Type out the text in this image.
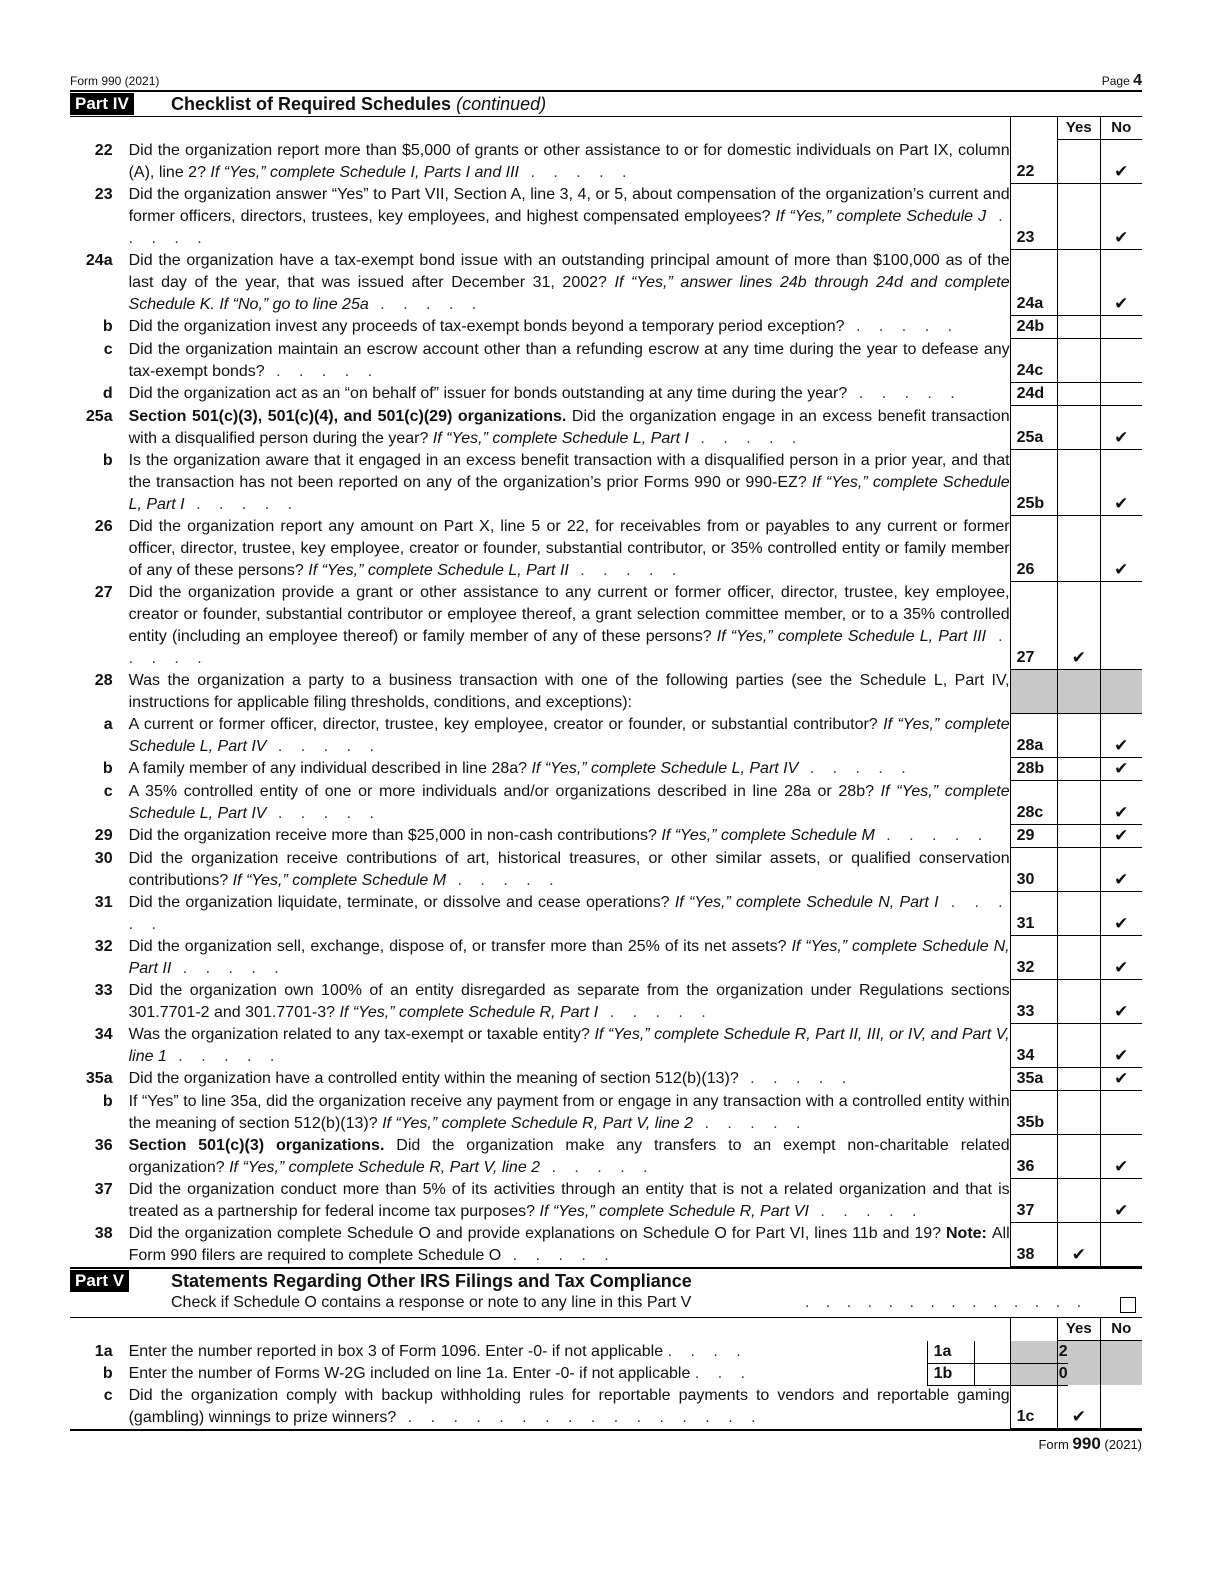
Form 990 (2021)	Page 4
Part IV Checklist of Required Schedules (continued)
			Yes	No
22	Did the organization report more than $5,000 of grants or other assistance to or for domestic individuals on Part IX, column (A), line 2? If “Yes,” complete Schedule I, Parts I and III . . . . .	22		✔
23	Did the organization answer “Yes” to Part VII, Section A, line 3, 4, or 5, about compensation of the organization’s current and former officers, directors, trustees, key employees, and highest compensated employees? If “Yes,” complete Schedule J . . . . .	23		✔
24a	Did the organization have a tax-exempt bond issue with an outstanding principal amount of more than $100,000 as of the last day of the year, that was issued after December 31, 2002? If “Yes,” answer lines 24b through 24d and complete Schedule K. If “No,” go to line 25a . . . . .	24a		✔
b	Did the organization invest any proceeds of tax-exempt bonds beyond a temporary period exception? . . . . .	24b		
c	Did the organization maintain an escrow account other than a refunding escrow at any time during the year to defease any tax-exempt bonds? . . . . .	24c		
d	Did the organization act as an “on behalf of” issuer for bonds outstanding at any time during the year? . . . . .	24d		
25a	Section 501(c)(3), 501(c)(4), and 501(c)(29) organizations. Did the organization engage in an excess benefit transaction with a disqualified person during the year? If “Yes,” complete Schedule L, Part I . . . . .	25a		✔
b	Is the organization aware that it engaged in an excess benefit transaction with a disqualified person in a prior year, and that the transaction has not been reported on any of the organization’s prior Forms 990 or 990-EZ? If “Yes,” complete Schedule L, Part I . . . . .	25b		✔
26	Did the organization report any amount on Part X, line 5 or 22, for receivables from or payables to any current or former officer, director, trustee, key employee, creator or founder, substantial contributor, or 35% controlled entity or family member of any of these persons? If “Yes,” complete Schedule L, Part II . . . . .	26		✔
27	Did the organization provide a grant or other assistance to any current or former officer, director, trustee, key employee, creator or founder, substantial contributor or employee thereof, a grant selection committee member, or to a 35% controlled entity (including an employee thereof) or family member of any of these persons? If “Yes,” complete Schedule L, Part III . . . . .	27	✔	
28	Was the organization a party to a business transaction with one of the following parties (see the Schedule L, Part IV, instructions for applicable filing thresholds, conditions, and exceptions):			
a	A current or former officer, director, trustee, key employee, creator or founder, or substantial contributor? If “Yes,” complete Schedule L, Part IV . . . . .	28a		✔
b	A family member of any individual described in line 28a? If “Yes,” complete Schedule L, Part IV . . . . .	28b		✔
c	A 35% controlled entity of one or more individuals and/or organizations described in line 28a or 28b? If “Yes,” complete Schedule L, Part IV . . . . .	28c		✔
29	Did the organization receive more than $25,000 in non-cash contributions? If “Yes,” complete Schedule M . . . . .	29		✔
30	Did the organization receive contributions of art, historical treasures, or other similar assets, or qualified conservation contributions? If “Yes,” complete Schedule M . . . . .	30		✔
31	Did the organization liquidate, terminate, or dissolve and cease operations? If “Yes,” complete Schedule N, Part I . . . . .	31		✔
32	Did the organization sell, exchange, dispose of, or transfer more than 25% of its net assets? If “Yes,” complete Schedule N, Part II . . . . .	32		✔
33	Did the organization own 100% of an entity disregarded as separate from the organization under Regulations sections 301.7701-2 and 301.7701-3? If “Yes,” complete Schedule R, Part I . . . . .	33		✔
34	Was the organization related to any tax-exempt or taxable entity? If “Yes,” complete Schedule R, Part II, III, or IV, and Part V, line 1 . . . . .	34		✔
35a	Did the organization have a controlled entity within the meaning of section 512(b)(13)? . . . . .	35a		✔
b	If “Yes” to line 35a, did the organization receive any payment from or engage in any transaction with a controlled entity within the meaning of section 512(b)(13)? If “Yes,” complete Schedule R, Part V, line 2 . . . . .	35b		
36	Section 501(c)(3) organizations. Did the organization make any transfers to an exempt non-charitable related organization? If “Yes,” complete Schedule R, Part V, line 2 . . . . .	36		✔
37	Did the organization conduct more than 5% of its activities through an entity that is not a related organization and that is treated as a partnership for federal income tax purposes? If “Yes,” complete Schedule R, Part VI . . . . .	37		✔
38	Did the organization complete Schedule O and provide explanations on Schedule O for Part VI, lines 11b and 19? Note: All Form 990 filers are required to complete Schedule O . . . . .	38	✔	
Part V	Statements Regarding Other IRS Filings and Tax Compliance
Check if Schedule O contains a response or note to any line in this Part V	. . . . . . . . . . . . . .
			Yes	No
1a	Enter the number reported in box 3 of Form 1096. Enter -0- if not applicable . . . . 1a 2			

b	Enter the number of Forms W-2G included on line 1a. Enter -0- if not applicable . . . 1b 0			

c	Did the organization comply with backup withholding rules for reportable payments to vendors and reportable gaming (gambling) winnings to prize winners? . . . . . . . . . . . . . . . .	1c	✔	
Form 990 (2021)
